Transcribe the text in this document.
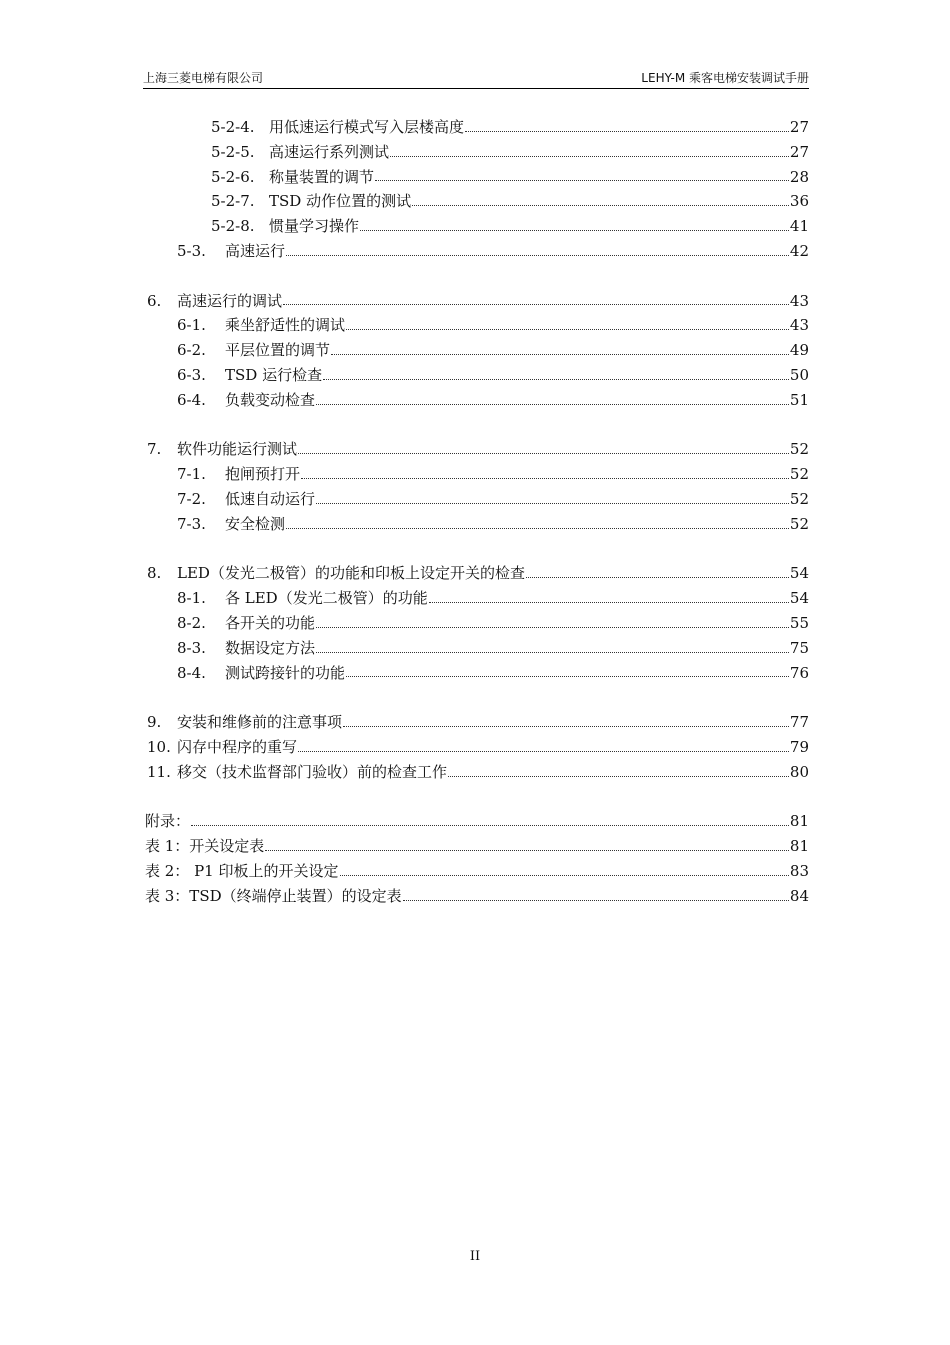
上海三菱电梯有限公司	LEHY-M 乘客电梯安装调试手册
5-2-4. 用低速运行模式写入层楼高度	27
5-2-5. 高速运行系列测试	27
5-2-6. 称量装置的调节	28
5-2-7. TSD 动作位置的测试	36
5-2-8. 惯量学习操作	41
5-3.	高速运行	42
6.	高速运行的调试	43
6-1.	乘坐舒适性的调试	43
6-2.	平层位置的调节	49
6-3.	TSD 运行检查	50
6-4.	负载变动检查	51
7.	软件功能运行测试	52
7-1.	抱闸预打开	52
7-2.	低速自动运行	52
7-3.	安全检测	52
8.	LED（发光二极管）的功能和印板上设定开关的检查	54
8-1.	各 LED（发光二极管）的功能	54
8-2.	各开关的功能	55
8-3.	数据设定方法	75
8-4.	测试跨接针的功能	76
9.	安装和维修前的注意事项	77
10. 闪存中程序的重写	79
11. 移交（技术监督部门验收）前的检查工作	80
附录：	81
表 1：开关设定表	81
表 2： P1 印板上的开关设定	83
表 3：TSD（终端停止装置）的设定表	84
II
